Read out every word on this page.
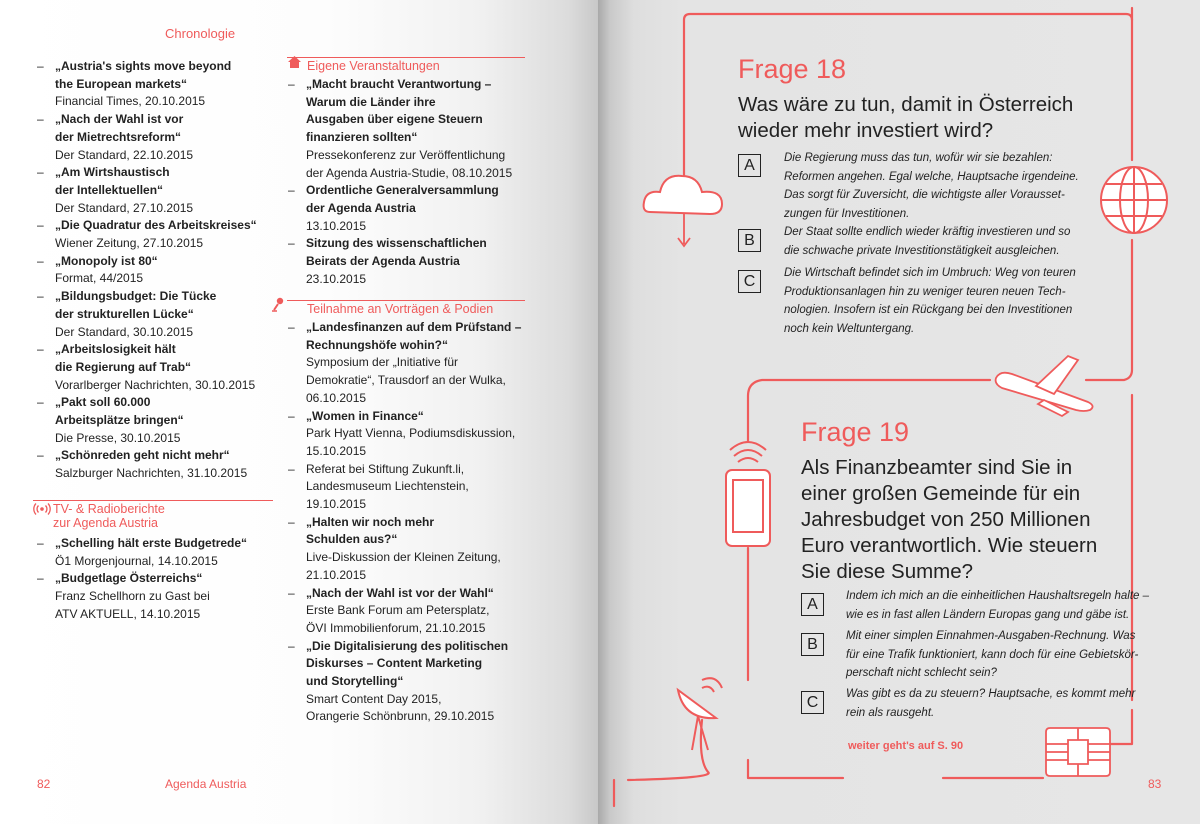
Chronologie
– „Austria's sights move beyond
the European markets“
Financial Times, 20.10.2015
– „Nach der Wahl ist vor
der Mietrechtsreform“
Der Standard, 22.10.2015
– „Am Wirtshaustisch
der Intellektuellen“
Der Standard, 27.10.2015
– „Die Quadratur des Arbeitskreises“
Wiener Zeitung, 27.10.2015
– „Monopoly ist 80“
Format, 44/2015
– „Bildungsbudget: Die Tücke
der strukturellen Lücke“
Der Standard, 30.10.2015
– „Arbeitslosigkeit hält
die Regierung auf Trab“
Vorarlberger Nachrichten, 30.10.2015
– „Pakt soll 60.000
Arbeitsplätze bringen“
Die Presse, 30.10.2015
– „Schönreden geht nicht mehr“
Salzburger Nachrichten, 31.10.2015
TV- & Radioberichte
zur Agenda Austria
– „Schelling hält erste Budgetrede“
Ö1 Morgenjournal, 14.10.2015
– „Budgetlage Österreichs“
Franz Schellhorn zu Gast bei
ATV AKTUELL, 14.10.2015
Eigene Veranstaltungen
– „Macht braucht Verantwortung –
Warum die Länder ihre
Ausgaben über eigene Steuern
finanzieren sollten“
Pressekonferenz zur Veröffentlichung
der Agenda Austria-Studie, 08.10.2015
– Ordentliche Generalversammlung
der Agenda Austria
13.10.2015
– Sitzung des wissenschaftlichen
Beirats der Agenda Austria
23.10.2015
Teilnahme an Vorträgen & Podien
– „Landesfinanzen auf dem Prüfstand –
Rechnungshöfe wohin?“
Symposium der „Initiative für
Demokratie“, Trausdorf an der Wulka,
06.10.2015
– „Women in Finance“
Park Hyatt Vienna, Podiumsdiskussion,
15.10.2015
– Referat bei Stiftung Zukunft.li,
Landesmuseum Liechtenstein,
19.10.2015
– „Halten wir noch mehr
Schulden aus?“
Live-Diskussion der Kleinen Zeitung,
21.10.2015
– „Nach der Wahl ist vor der Wahl“
Erste Bank Forum am Petersplatz,
ÖVI Immobilienforum, 21.10.2015
– „Die Digitalisierung des politischen
Diskurses – Content Marketing
und Storytelling“
Smart Content Day 2015,
Orangerie Schönbrunn, 29.10.2015
82	Agenda Austria
Frage 18
Was wäre zu tun, damit in Österreich
wieder mehr investiert wird?
A	Die Regierung muss das tun, wofür wir sie bezahlen:
Reformen angehen. Egal welche, Hauptsache irgendeine.
Das sorgt für Zuversicht, die wichtigste aller Vorausset-
zungen für Investitionen.
B	Der Staat sollte endlich wieder kräftig investieren und so
die schwache private Investitionstätigkeit ausgleichen.
C	Die Wirtschaft befindet sich im Umbruch: Weg von teuren
Produktionsanlagen hin zu weniger teuren neuen Tech-
nologien. Insofern ist ein Rückgang bei den Investitionen
noch kein Weltuntergang.
Frage 19
Als Finanzbeamter sind Sie in
einer großen Gemeinde für ein
Jahresbudget von 250 Millionen
Euro verantwortlich. Wie steuern
Sie diese Summe?
A	Indem ich mich an die einheitlichen Haushaltsregeln halte –
wie es in fast allen Ländern Europas gang und gäbe ist.
B	Mit einer simplen Einnahmen-Ausgaben-Rechnung. Was
für eine Trafik funktioniert, kann doch für eine Gebietskör-
perschaft nicht schlecht sein?
C	Was gibt es da zu steuern? Hauptsache, es kommt mehr
rein als rausgeht.
weiter geht's auf S. 90
83
